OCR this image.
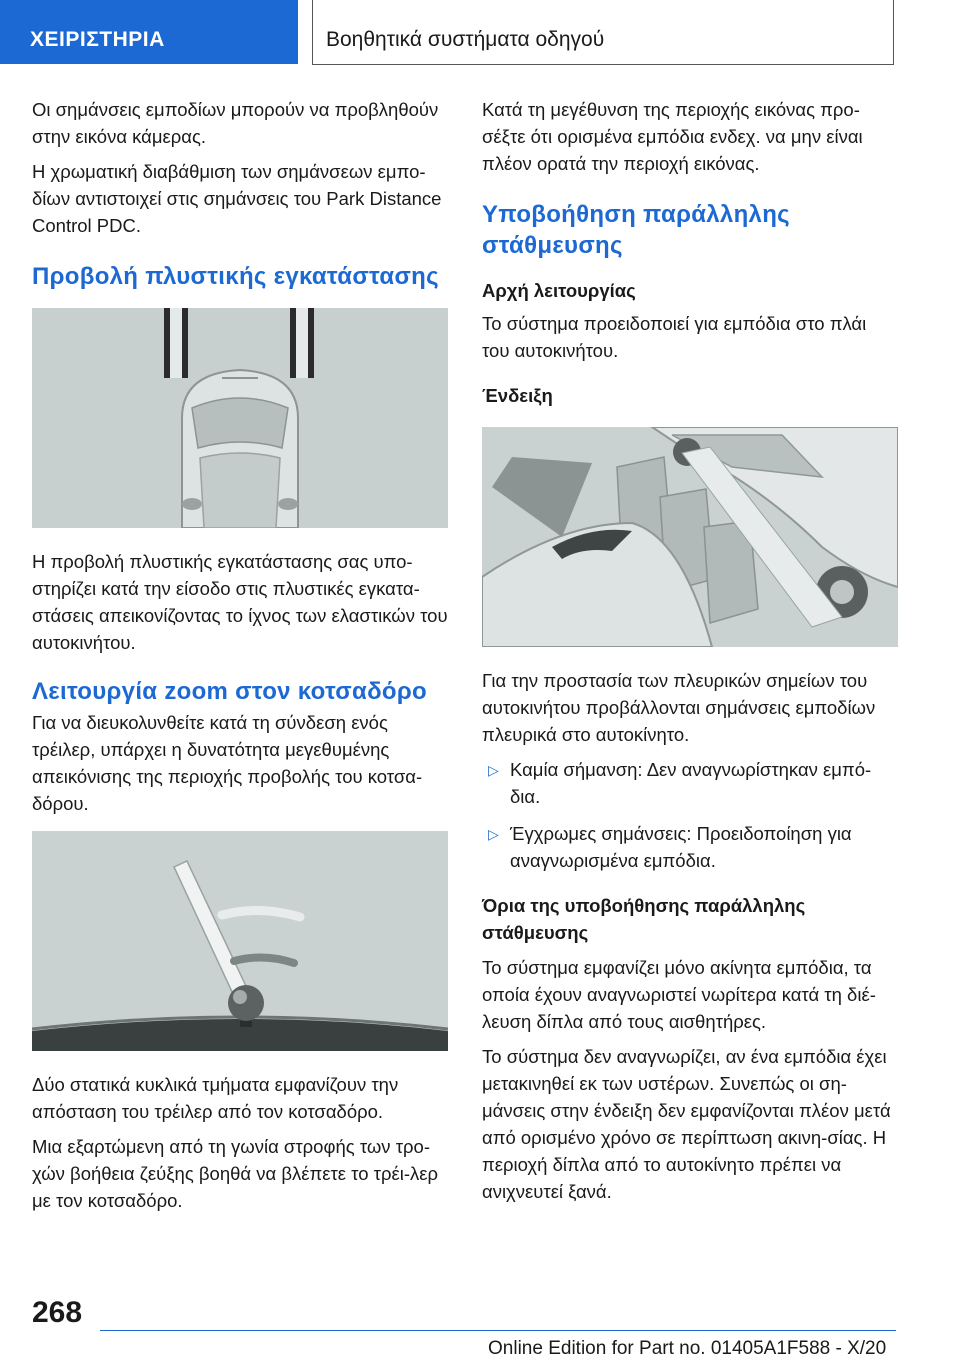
ΧΕΙΡΙΣΤΗΡΙΑ	Βοηθητικά συστήματα οδηγού
Οι σημάνσεις εμποδίων μπορούν να προβληθούν στην εικόνα κάμερας.
Η χρωματική διαβάθμιση των σημάνσεων εμπο-δίων αντιστοιχεί στις σημάνσεις του Park Distance Control PDC.
Προβολή πλυστικής εγκατάστασης
Η προβολή πλυστικής εγκατάστασης σας υπο-στηρίζει κατά την είσοδο στις πλυστικές εγκατα-στάσεις απεικονίζοντας το ίχνος των ελαστικών του αυτοκινήτου.
Λειτουργία zoom στον κοτσαδόρο
Για να διευκολυνθείτε κατά τη σύνδεση ενός τρέιλερ, υπάρχει η δυνατότητα μεγεθυμένης απεικόνισης της περιοχής προβολής του κοτσα-δόρου.
Δύο στατικά κυκλικά τμήματα εμφανίζουν την απόσταση του τρέιλερ από τον κοτσαδόρο.
Μια εξαρτώμενη από τη γωνία στροφής των τρο-χών βοήθεια ζεύξης βοηθά να βλέπετε το τρέι-λερ με τον κοτσαδόρο.
Κατά τη μεγέθυνση της περιοχής εικόνας προ-σέξτε ότι ορισμένα εμπόδια ενδεχ. να μην είναι πλέον ορατά την περιοχή εικόνας.
Υποβοήθηση παράλληλης στάθμευσης
Αρχή λειτουργίας
Το σύστημα προειδοποιεί για εμπόδια στο πλάι του αυτοκινήτου.
Ένδειξη
Για την προστασία των πλευρικών σημείων του αυτοκινήτου προβάλλονται σημάνσεις εμποδίων πλευρικά στο αυτοκίνητο.
▷ Καμία σήμανση: Δεν αναγνωρίστηκαν εμπό-δια.
▷ Έγχρωμες σημάνσεις: Προειδοποίηση για αναγνωρισμένα εμπόδια.
Όρια της υποβοήθησης παράλληλης στάθμευσης
Το σύστημα εμφανίζει μόνο ακίνητα εμπόδια, τα οποία έχουν αναγνωριστεί νωρίτερα κατά τη διέ-λευση δίπλα από τους αισθητήρες.
Το σύστημα δεν αναγνωρίζει, αν ένα εμπόδια έχει μετακινηθεί εκ των υστέρων. Συνεπώς οι ση-μάνσεις στην ένδειξη δεν εμφανίζονται πλέον μετά από ορισμένο χρόνο σε περίπτωση ακινη-σίας. Η περιοχή δίπλα από το αυτοκίνητο πρέπει να ανιχνευτεί ξανά.
268
Online Edition for Part no. 01405A1F588 - X/20
